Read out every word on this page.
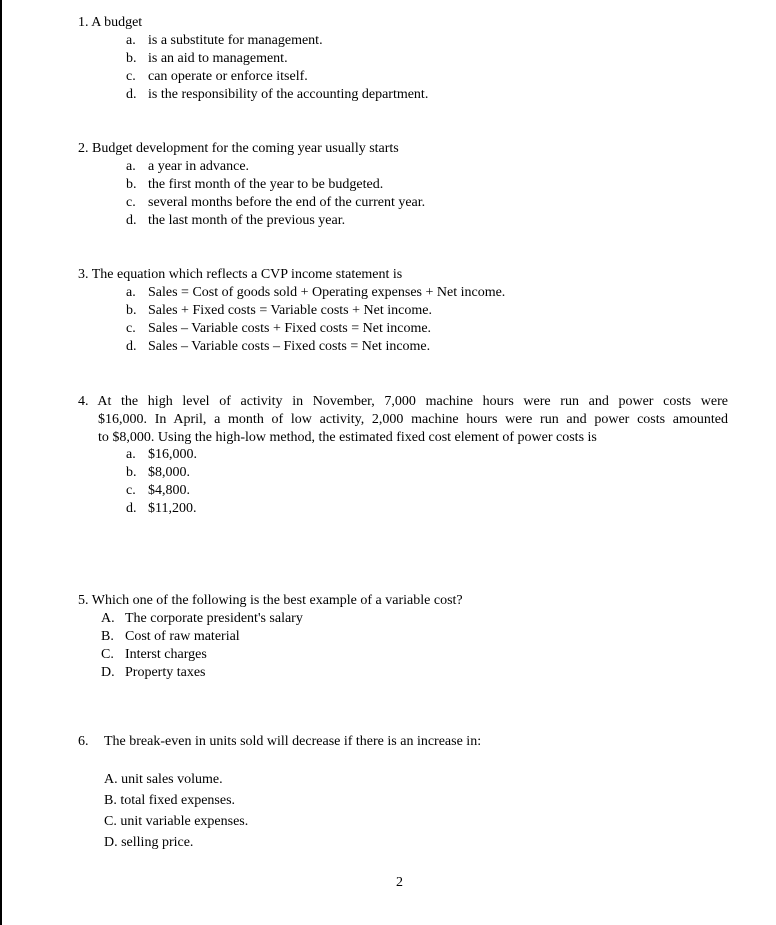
1. A budget
a. is a substitute for management.
b. is an aid to management.
c. can operate or enforce itself.
d. is the responsibility of the accounting department.
2. Budget development for the coming year usually starts
a. a year in advance.
b. the first month of the year to be budgeted.
c. several months before the end of the current year.
d. the last month of the previous year.
3. The equation which reflects a CVP income statement is
a. Sales = Cost of goods sold + Operating expenses + Net income.
b. Sales + Fixed costs = Variable costs + Net income.
c. Sales – Variable costs + Fixed costs = Net income.
d. Sales – Variable costs – Fixed costs = Net income.
4. At the high level of activity in November, 7,000 machine hours were run and power costs were
$16,000. In April, a month of low activity, 2,000 machine hours were run and power costs amounted
to $8,000. Using the high-low method, the estimated fixed cost element of power costs is
a. $16,000.
b. $8,000.
c. $4,800.
d. $11,200.
5. Which one of the following is the best example of a variable cost?
A. The corporate president's salary
B. Cost of raw material
C. Interst charges
D. Property taxes
6. The break-even in units sold will decrease if there is an increase in:
A. unit sales volume.
B. total fixed expenses.
C. unit variable expenses.
D. selling price.
2
